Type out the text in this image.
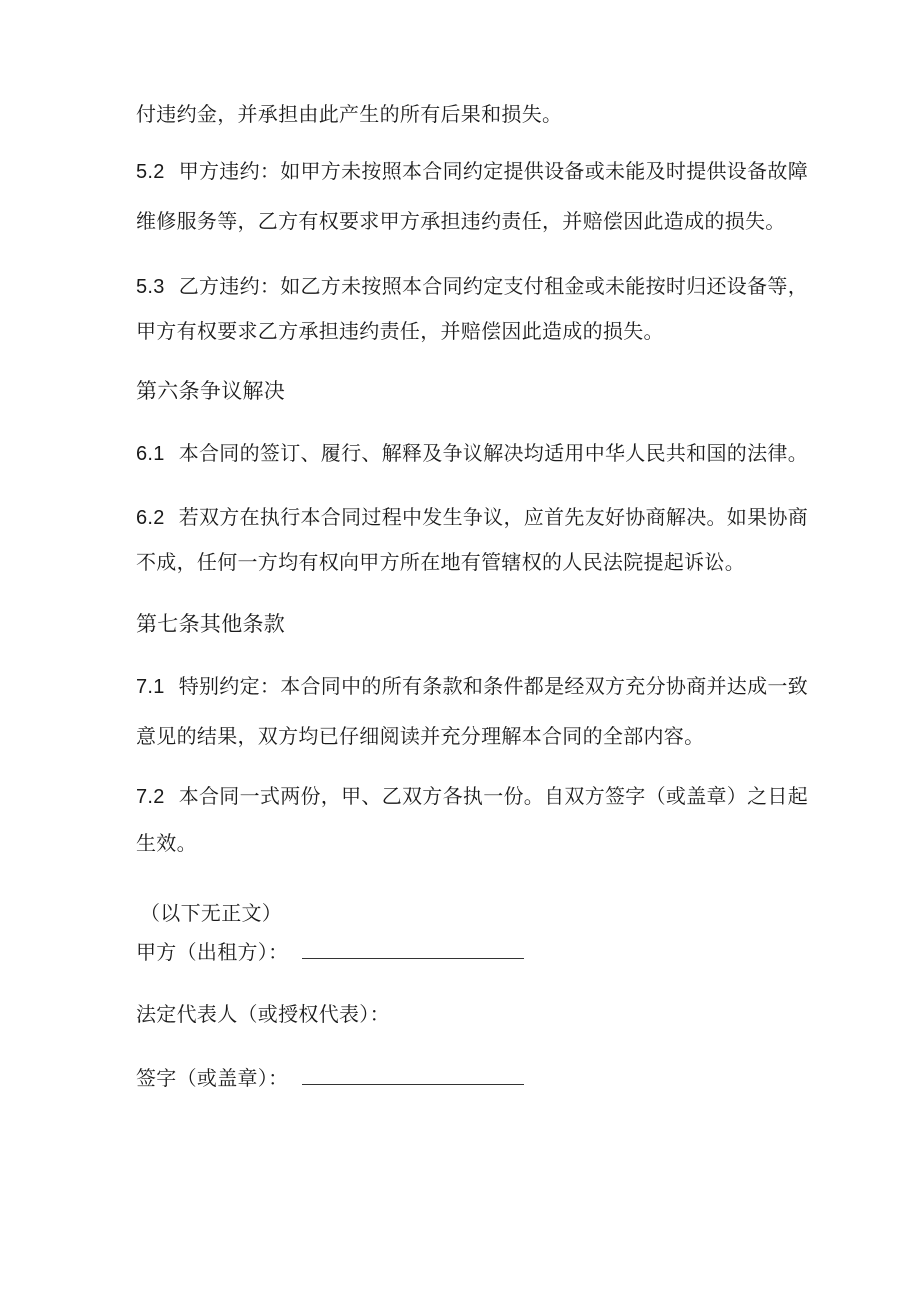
付违约金，并承担由此产生的所有后果和损失。
5.2 甲方违约：如甲方未按照本合同约定提供设备或未能及时提供设备故障
维修服务等，乙方有权要求甲方承担违约责任，并赔偿因此造成的损失。
5.3 乙方违约：如乙方未按照本合同约定支付租金或未能按时归还设备等，
甲方有权要求乙方承担违约责任，并赔偿因此造成的损失。
第六条争议解决
6.1 本合同的签订、履行、解释及争议解决均适用中华人民共和国的法律。
6.2 若双方在执行本合同过程中发生争议，应首先友好协商解决。如果协商
不成，任何一方均有权向甲方所在地有管辖权的人民法院提起诉讼。
第七条其他条款
7.1 特别约定：本合同中的所有条款和条件都是经双方充分协商并达成一致
意见的结果，双方均已仔细阅读并充分理解本合同的全部内容。
7.2 本合同一式两份，甲、乙双方各执一份。自双方签字（或盖章）之日起
生效。
（以下无正文）
甲方（出租方）：
法定代表人（或授权代表）：
签字（或盖章）：
